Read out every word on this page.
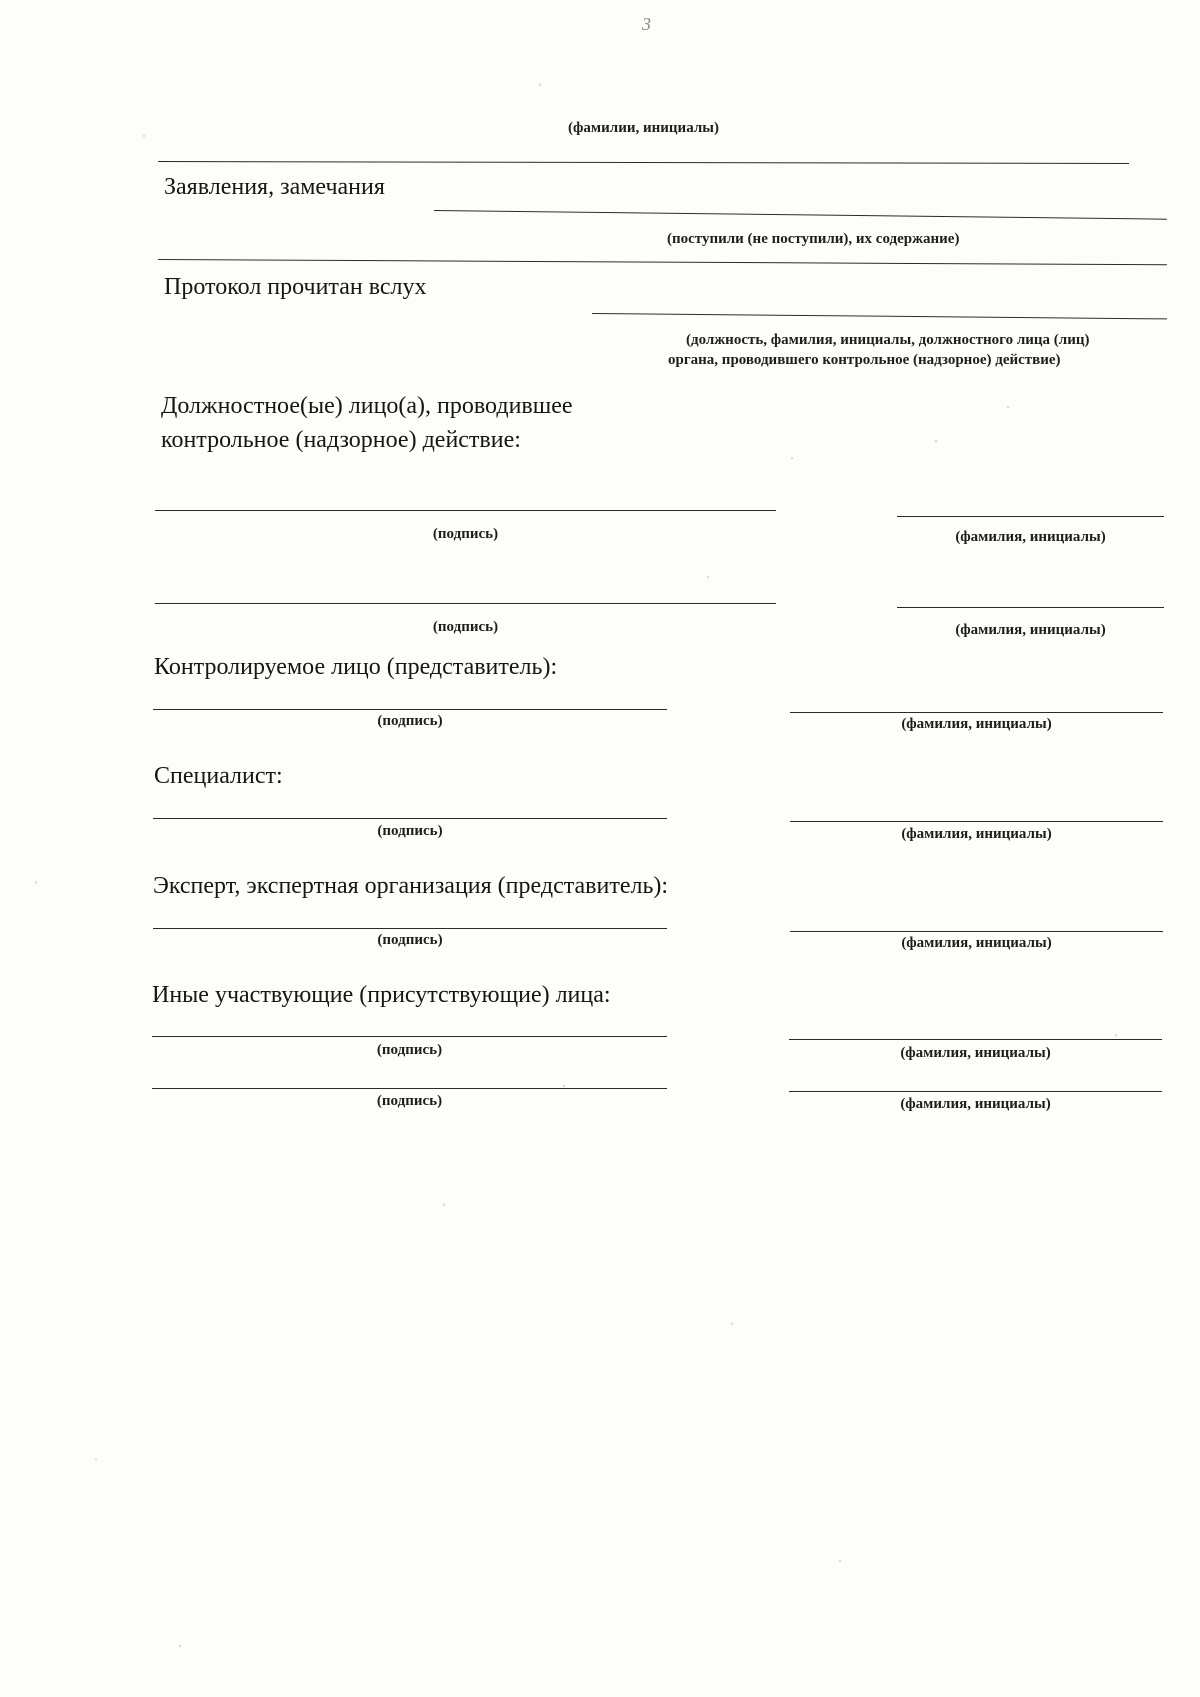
3
(фамилии, инициалы)
Заявления, замечания
(поступили (не поступили), их содержание)
Протокол прочитан вслух
(должность, фамилия, инициалы, должностного лица (лиц)
органа, проводившего контрольное (надзорное) действие)
Должностное(ые) лицо(а), проводившее
контрольное (надзорное) действие:
(подпись)	(фамилия, инициалы)
(подпись)	(фамилия, инициалы)
Контролируемое лицо (представитель):
(подпись)	(фамилия, инициалы)
Специалист:
(подпись)	(фамилия, инициалы)
Эксперт, экспертная организация (представитель):
(подпись)	(фамилия, инициалы)
Иные участвующие (присутствующие) лица:
(подпись)	(фамилия, инициалы)
(подпись)	(фамилия, инициалы)
